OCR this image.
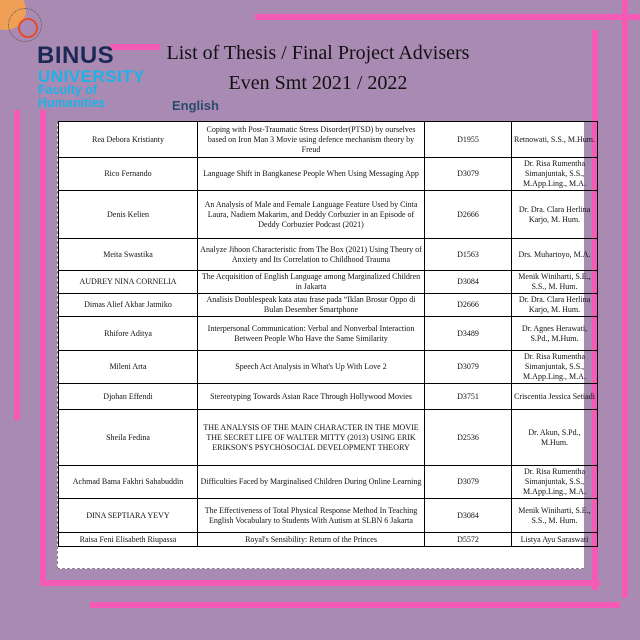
BINUS
UNIVERSITY
Faculty of
Humanities	English
List of Thesis / Final Project Advisers
Even Smt 2021 / 2022
Rea Debora Kristianty	Coping with Post-Traumatic Stress Disorder(PTSD) by ourselves based on Iron Man 3 Movie using defence mechanism theory by Freud	D1955	Retnowati, S.S., M.Hum.
Rico Fernando	Language Shift in Bangkanese People When Using Messaging App	D3079	Dr. Risa Rumentha Simanjuntak, S.S., M.App.Ling., M.A.
Denis Kelien	An Analysis of Male and Female Language Feature Used by Cinta Laura, Nadiem Makarim, and Deddy Corbuzier in an Episode of Deddy Corbuzier Podcast (2021)	D2666	Dr. Dra. Clara Herlina Karjo, M. Hum.
Meita Swastika	Analyze Jihoon Characteristic from The Box (2021) Using Theory of Anxiety and Its Correlation to Childhood Trauma	D1563	Drs. Muhartoyo, M.A.
AUDREY NINA CORNELIA	The Acquisition of English Language among Marginalized Children in Jakarta	D3084	Menik Winiharti, S.E., S.S., M. Hum.
Dimas Alief Akbar Jatmiko	Analisis Doublespeak kata atau frase pada “Iklan Brosur Oppo di Bulan Desember Smartphone	D2666	Dr. Dra. Clara Herlina Karjo, M. Hum.
Rhifore Aditya	Interpersonal Communication: Verbal and Nonverbal Interaction Between People Who Have the Same Similarity	D3489	Dr. Agnes Herawati, S.Pd., M.Hum.
Mileni Arta	Speech Act Analysis in What's Up With Love 2	D3079	Dr. Risa Rumentha Simanjuntak, S.S., M.App.Ling., M.A.
Djohan Effendi	Stereotyping Towards Asian Race Through Hollywood Movies	D3751	Criscentia Jessica Setiadi
Sheila Fedina	THE ANALYSIS OF THE MAIN CHARACTER IN THE MOVIE THE SECRET LIFE OF WALTER MITTY (2013) USING ERIK ERIKSON'S PSYCHOSOCIAL DEVELOPMENT THEORY	D2536	Dr. Akun, S.Pd., M.Hum.
Achmad Bama Fakhri Sahabuddin	Difficulties Faced by Marginalised Children During Online Learning	D3079	Dr. Risa Rumentha Simanjuntak, S.S., M.App.Ling., M.A.
DINA SEPTIARA YEVY	The Effectiveness of Total Physical Response Method In Teaching English Vocabulary to Students With Autism at SLBN 6 Jakarta	D3084	Menik Winiharti, S.E., S.S., M. Hum.
Raisa Feni Elisabeth Riupassa	Royal's Sensibility: Return of the Princes	D5572	Listya Ayu Saraswati
